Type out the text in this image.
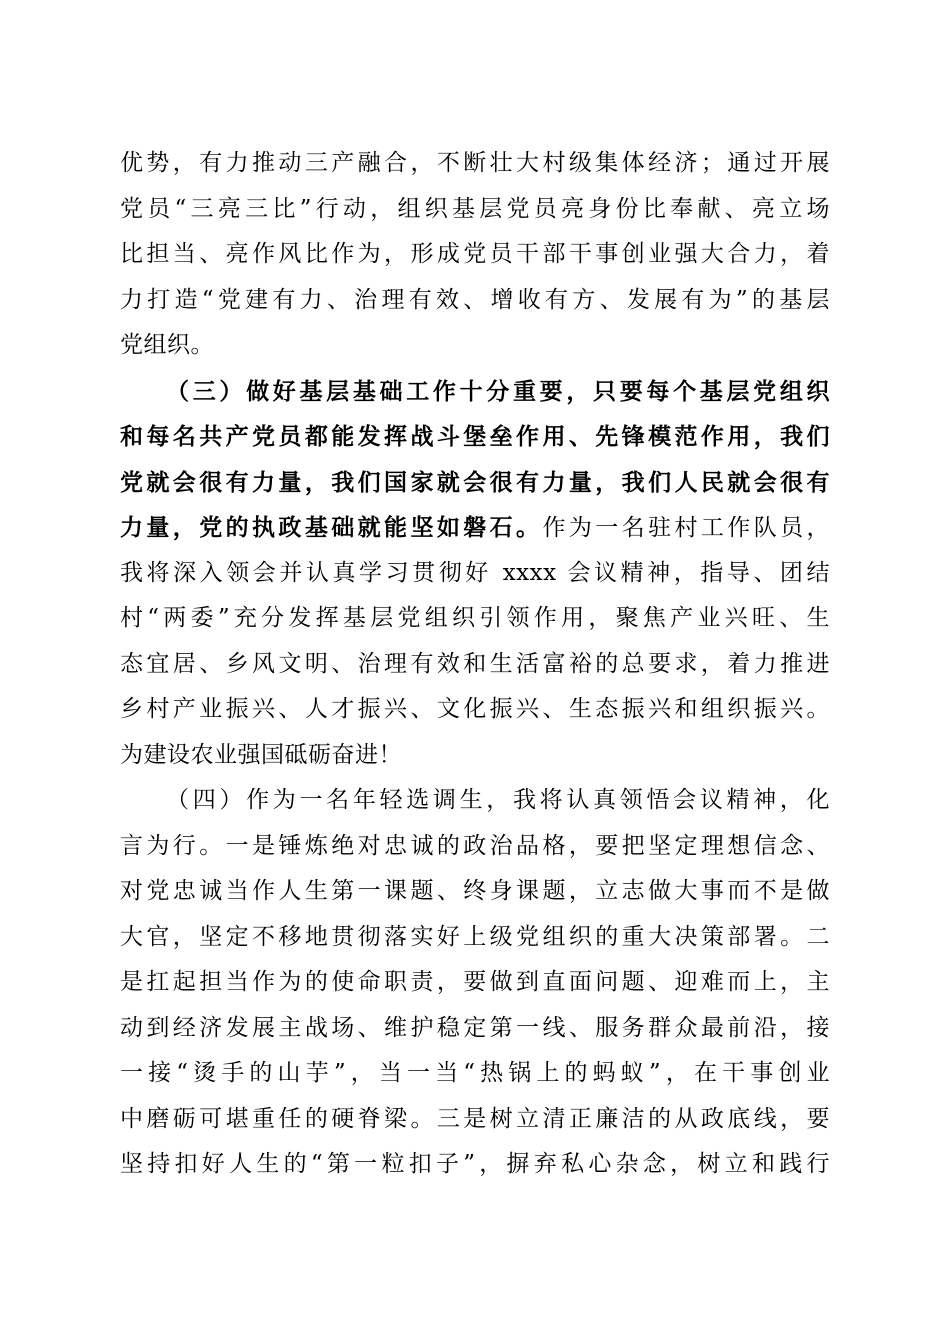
优势，有力推动三产融合，不断壮大村级集体经济；通过开展
党员“三亮三比”行动，组织基层党员亮身份比奉献、亮立场
比担当、亮作风比作为，形成党员干部干事创业强大合力，着
力打造“党建有力、治理有效、增收有方、发展有为”的基层
党组织。
（三）做好基层基础工作十分重要，只要每个基层党组织
和每名共产党员都能发挥战斗堡垒作用、先锋模范作用，我们
党就会很有力量，我们国家就会很有力量，我们人民就会很有
力量，党的执政基础就能坚如磐石。作为一名驻村工作队员，
我将深入领会并认真学习贯彻好 xxxx 会议精神，指导、团结
村“两委”充分发挥基层党组织引领作用，聚焦产业兴旺、生
态宜居、乡风文明、治理有效和生活富裕的总要求，着力推进
乡村产业振兴、人才振兴、文化振兴、生态振兴和组织振兴。
为建设农业强国砥砺奋进！
（四）作为一名年轻选调生，我将认真领悟会议精神，化
言为行。一是锤炼绝对忠诚的政治品格，要把坚定理想信念、
对党忠诚当作人生第一课题、终身课题，立志做大事而不是做
大官，坚定不移地贯彻落实好上级党组织的重大决策部署。二
是扛起担当作为的使命职责，要做到直面问题、迎难而上，主
动到经济发展主战场、维护稳定第一线、服务群众最前沿，接
一接“烫手的山芋”，当一当“热锅上的蚂蚁”，在干事创业
中磨砺可堪重任的硬脊梁。三是树立清正廉洁的从政底线，要
坚持扣好人生的“第一粒扣子”，摒弃私心杂念，树立和践行
